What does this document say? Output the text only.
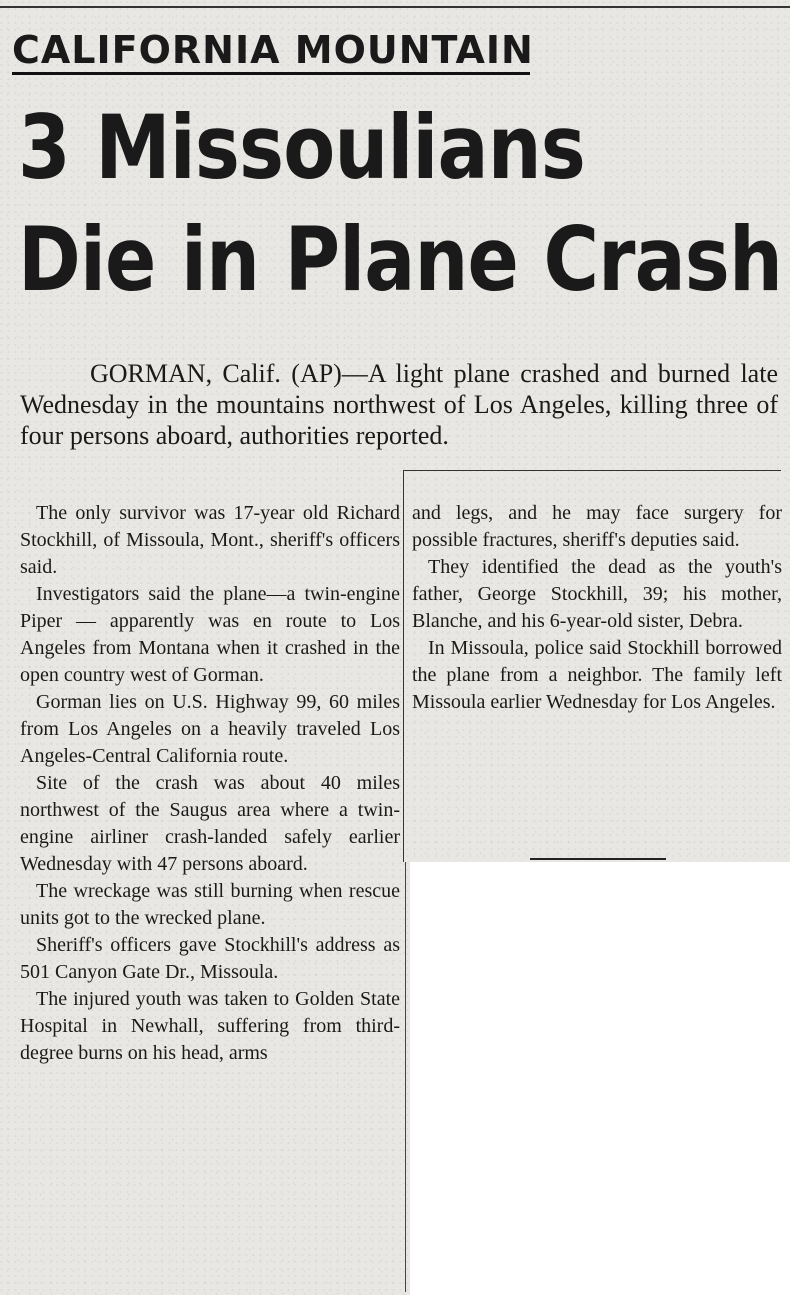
CALIFORNIA MOUNTAIN
3 Missoulians
Die in Plane Crash

GORMAN, Calif. (AP)—A light plane crashed and burned late Wednesday in the mountains northwest of Los Angeles, killing three of four persons aboard, authorities reported.

The only survivor was 17-year old Richard Stockhill, of Missoula, Mont., sheriff's officers said.

Investigators said the plane—a twin-engine Piper — apparently was en route to Los Angeles from Montana when it crashed in the open country west of Gorman.

Gorman lies on U.S. Highway 99, 60 miles from Los Angeles on a heavily traveled Los Angeles-Central California route.

Site of the crash was about 40 miles northwest of the Saugus area where a twin-engine airliner crash-landed safely earlier Wednesday with 47 persons aboard.

The wreckage was still burning when rescue units got to the wrecked plane.

Sheriff's officers gave Stockhill's address as 501 Canyon Gate Dr., Missoula.

The injured youth was taken to Golden State Hospital in Newhall, suffering from third-degree burns on his head, arms

and legs, and he may face surgery for possible fractures, sheriff's deputies said.

They identified the dead as the youth's father, George Stockhill, 39; his mother, Blanche, and his 6-year-old sister, Debra.

In Missoula, police said Stockhill borrowed the plane from a neighbor. The family left Missoula earlier Wednesday for Los Angeles.
